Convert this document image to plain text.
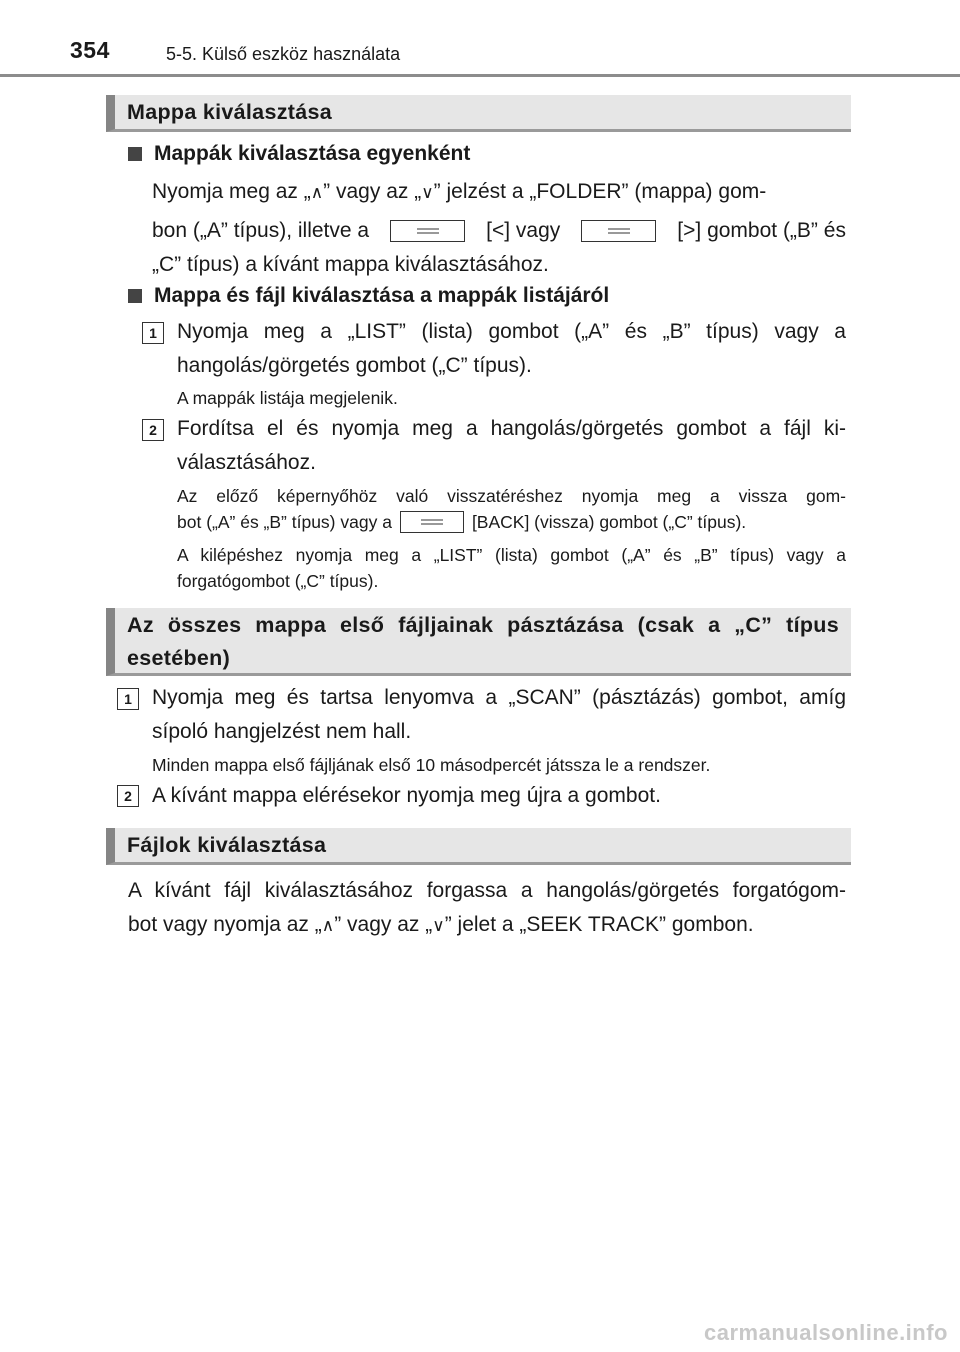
354	5-5. Külső eszköz használata
Mappa kiválasztása
Mappák kiválasztása egyenként
Nyomja meg az „∧” vagy az „∨” jelzést a „FOLDER” (mappa) gom-
bon („A” típus), illetve a	[<] vagy	[>] gombot („B” és
„C” típus) a kívánt mappa kiválasztásához.
Mappa és fájl kiválasztása a mappák listájáról
1 Nyomja meg a „LIST” (lista) gombot („A” és „B” típus) vagy a hangolás/görgetés gombot („C” típus).
A mappák listája megjelenik.
2 Fordítsa el és nyomja meg a hangolás/görgetés gombot a fájl ki-választásához.
Az előző képernyőhöz való visszatéréshez nyomja meg a vissza gom-
bot („A” és „B” típus) vagy a	[BACK] (vissza) gombot („C” típus).
A kilépéshez nyomja meg a „LIST” (lista) gombot („A” és „B” típus) vagy a forgatógombot („C” típus).
Az összes mappa első fájljainak pásztázása (csak a „C” típus esetében)
1 Nyomja meg és tartsa lenyomva a „SCAN” (pásztázás) gombot, amíg sípoló hangjelzést nem hall.
Minden mappa első fájljának első 10 másodpercét játssza le a rendszer.
2 A kívánt mappa elérésekor nyomja meg újra a gombot.
Fájlok kiválasztása
A kívánt fájl kiválasztásához forgassa a hangolás/görgetés forgatógom-
bot vagy nyomja az „∧” vagy az „∨” jelet a „SEEK TRACK” gombon.
carmanualsonline.info
